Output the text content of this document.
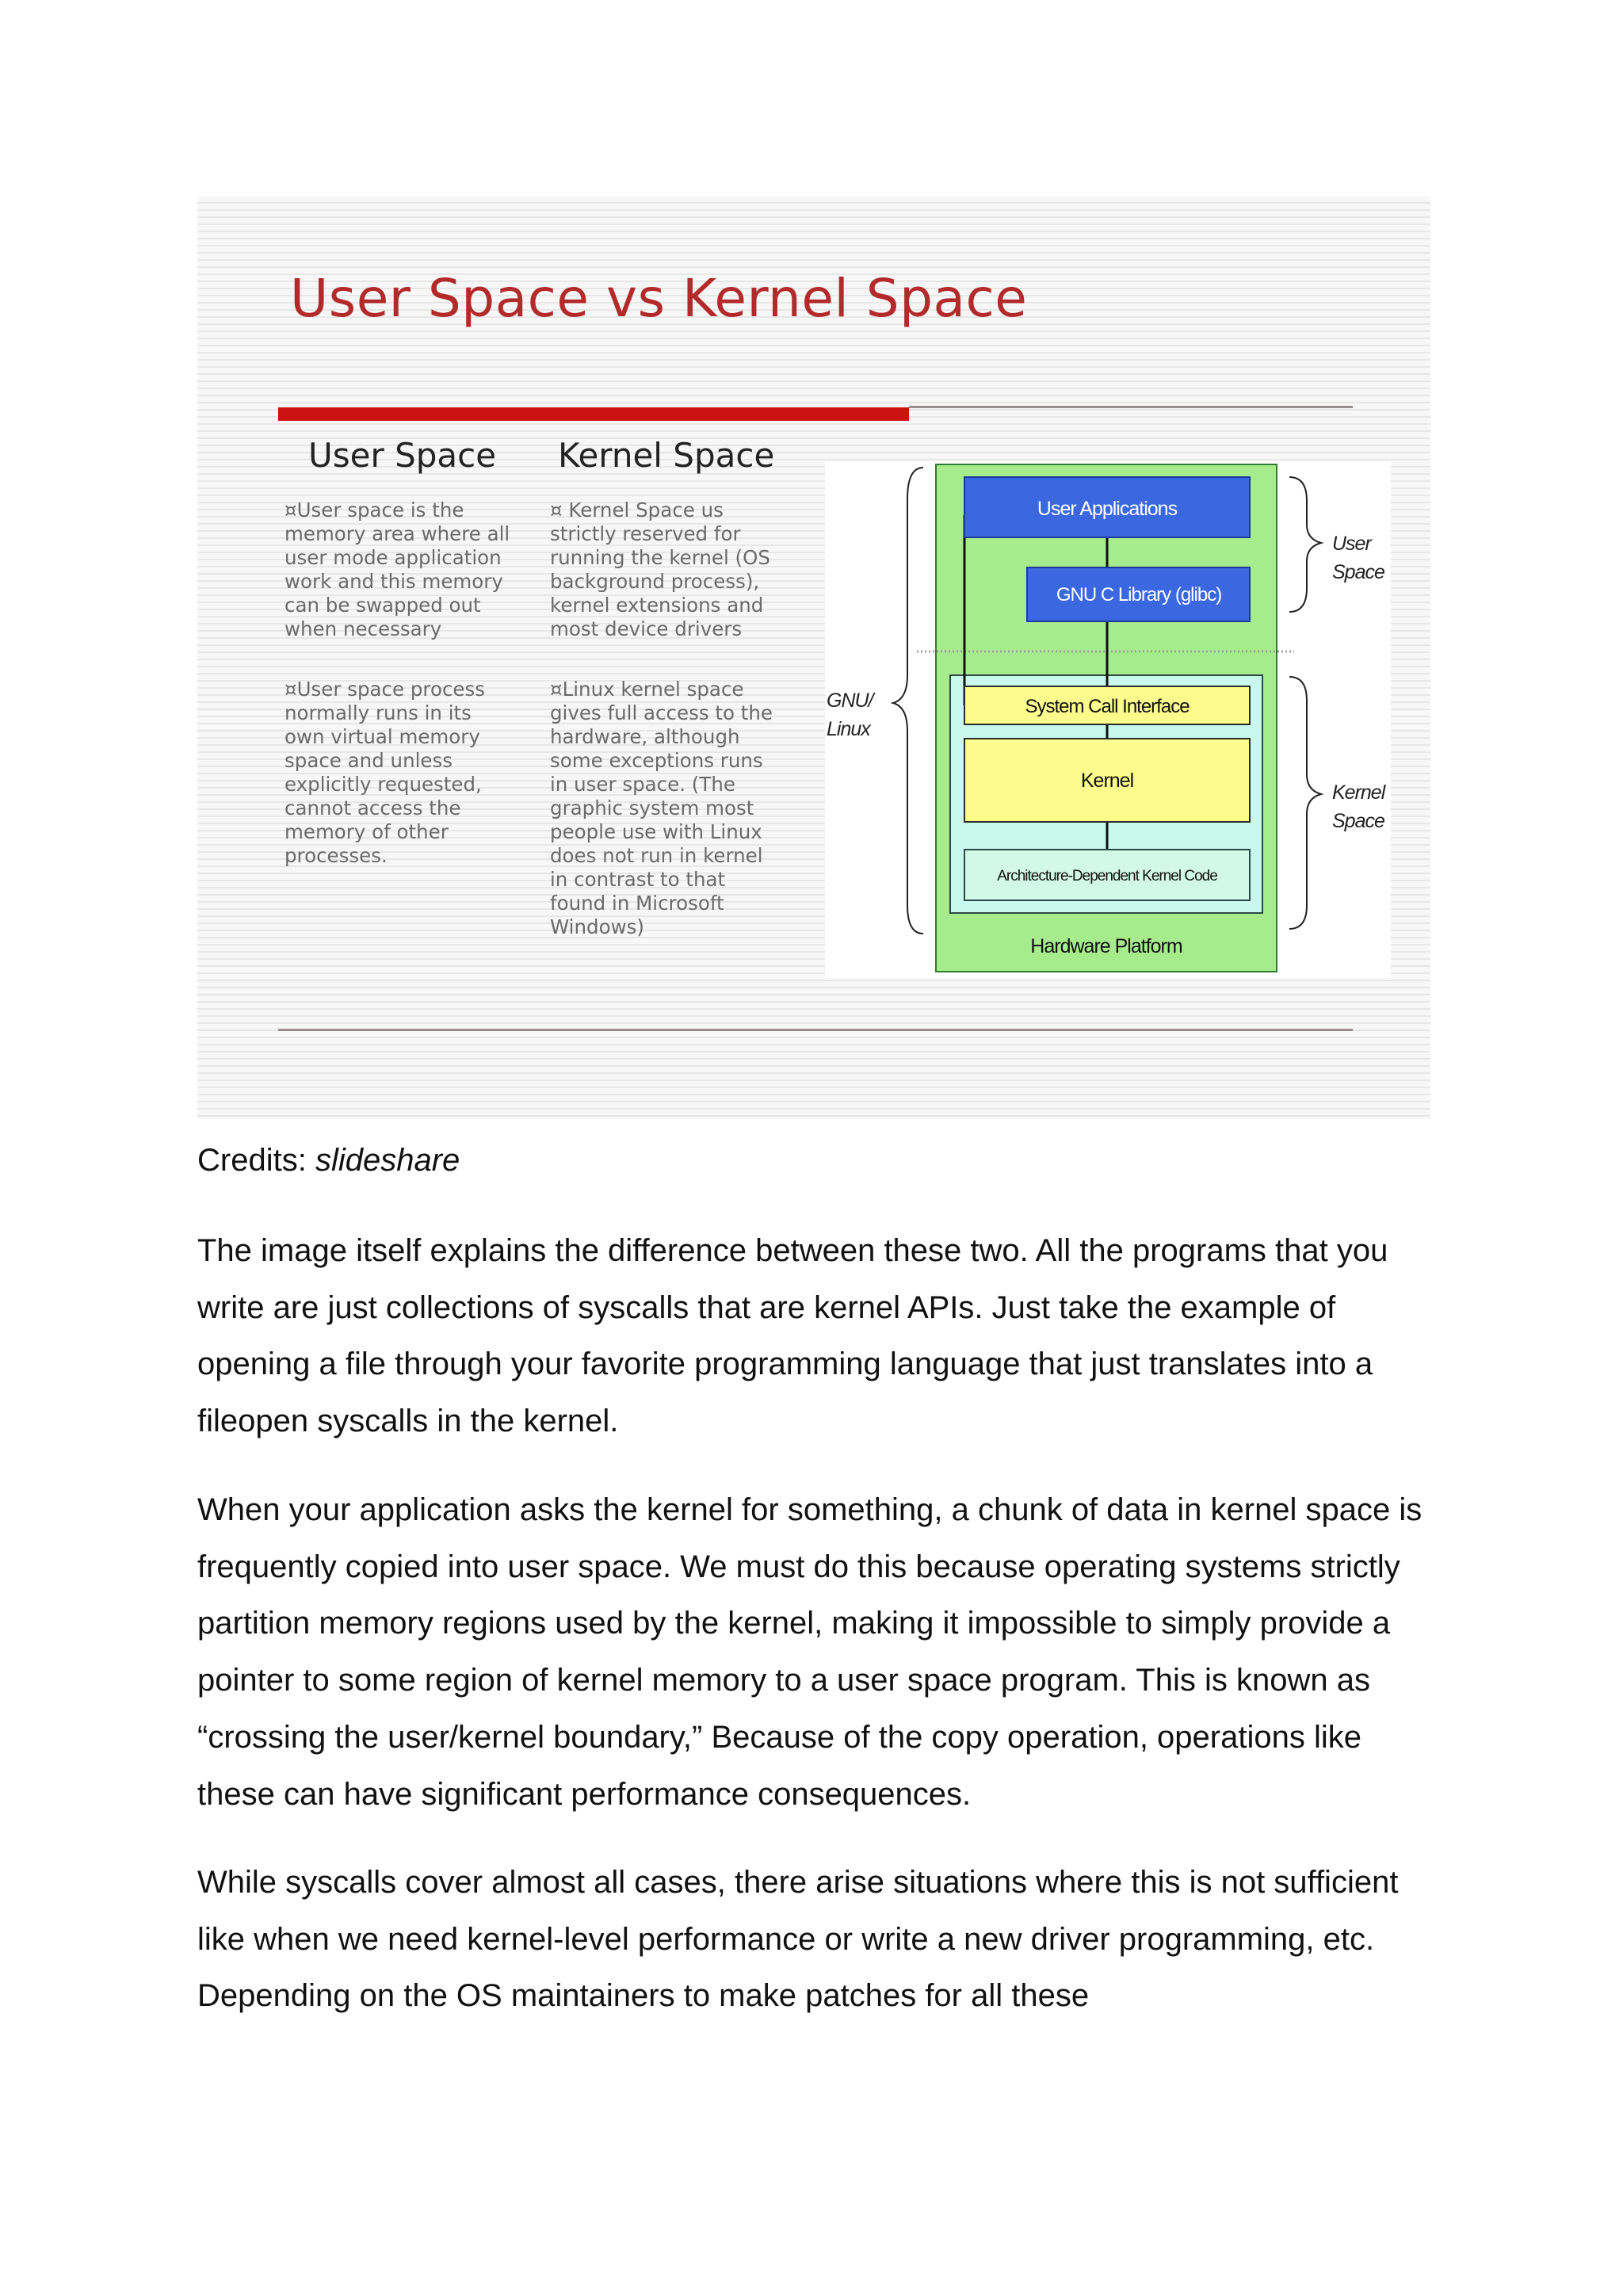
User Space vs Kernel Space
User Space Kernel Space

¤User space is the
memory area where all
user mode application
work and this memory
can be swapped out
when necessary

¤User space process
normally runs in its
own virtual memory
space and unless
explicitly requested,
cannot access the
memory of other
processes.

¤ Kernel Space us
strictly reserved for
running the kernel (OS
background process),
kernel extensions and
most device drivers

¤Linux kernel space
gives full access to the
hardware, although
some exceptions runs
in user space. (The
graphic system most
people use with Linux
does not run in kernel
in contrast to that
found in Microsoft
Windows)

User Applications
GNU C Library (glibc)
System Call Interface
Kernel
Architecture-Dependent Kernel Code
Hardware Platform

GNU/
Linux

User
Space

Kernel
Space

Credits: slideshare

The image itself explains the difference between these two. All the programs that you write are just collections of syscalls that are kernel APIs. Just take the example of opening a file through your favorite programming language that just translates into a fileopen syscalls in the kernel.

When your application asks the kernel for something, a chunk of data in kernel space is frequently copied into user space. We must do this because operating systems strictly partition memory regions used by the kernel, making it impossible to simply provide a pointer to some region of kernel memory to a user space program. This is known as “crossing the user/kernel boundary,” Because of the copy operation, operations like these can have significant performance consequences.

While syscalls cover almost all cases, there arise situations where this is not sufficient like when we need kernel-level performance or write a new driver programming, etc. Depending on the OS maintainers to make patches for all these
